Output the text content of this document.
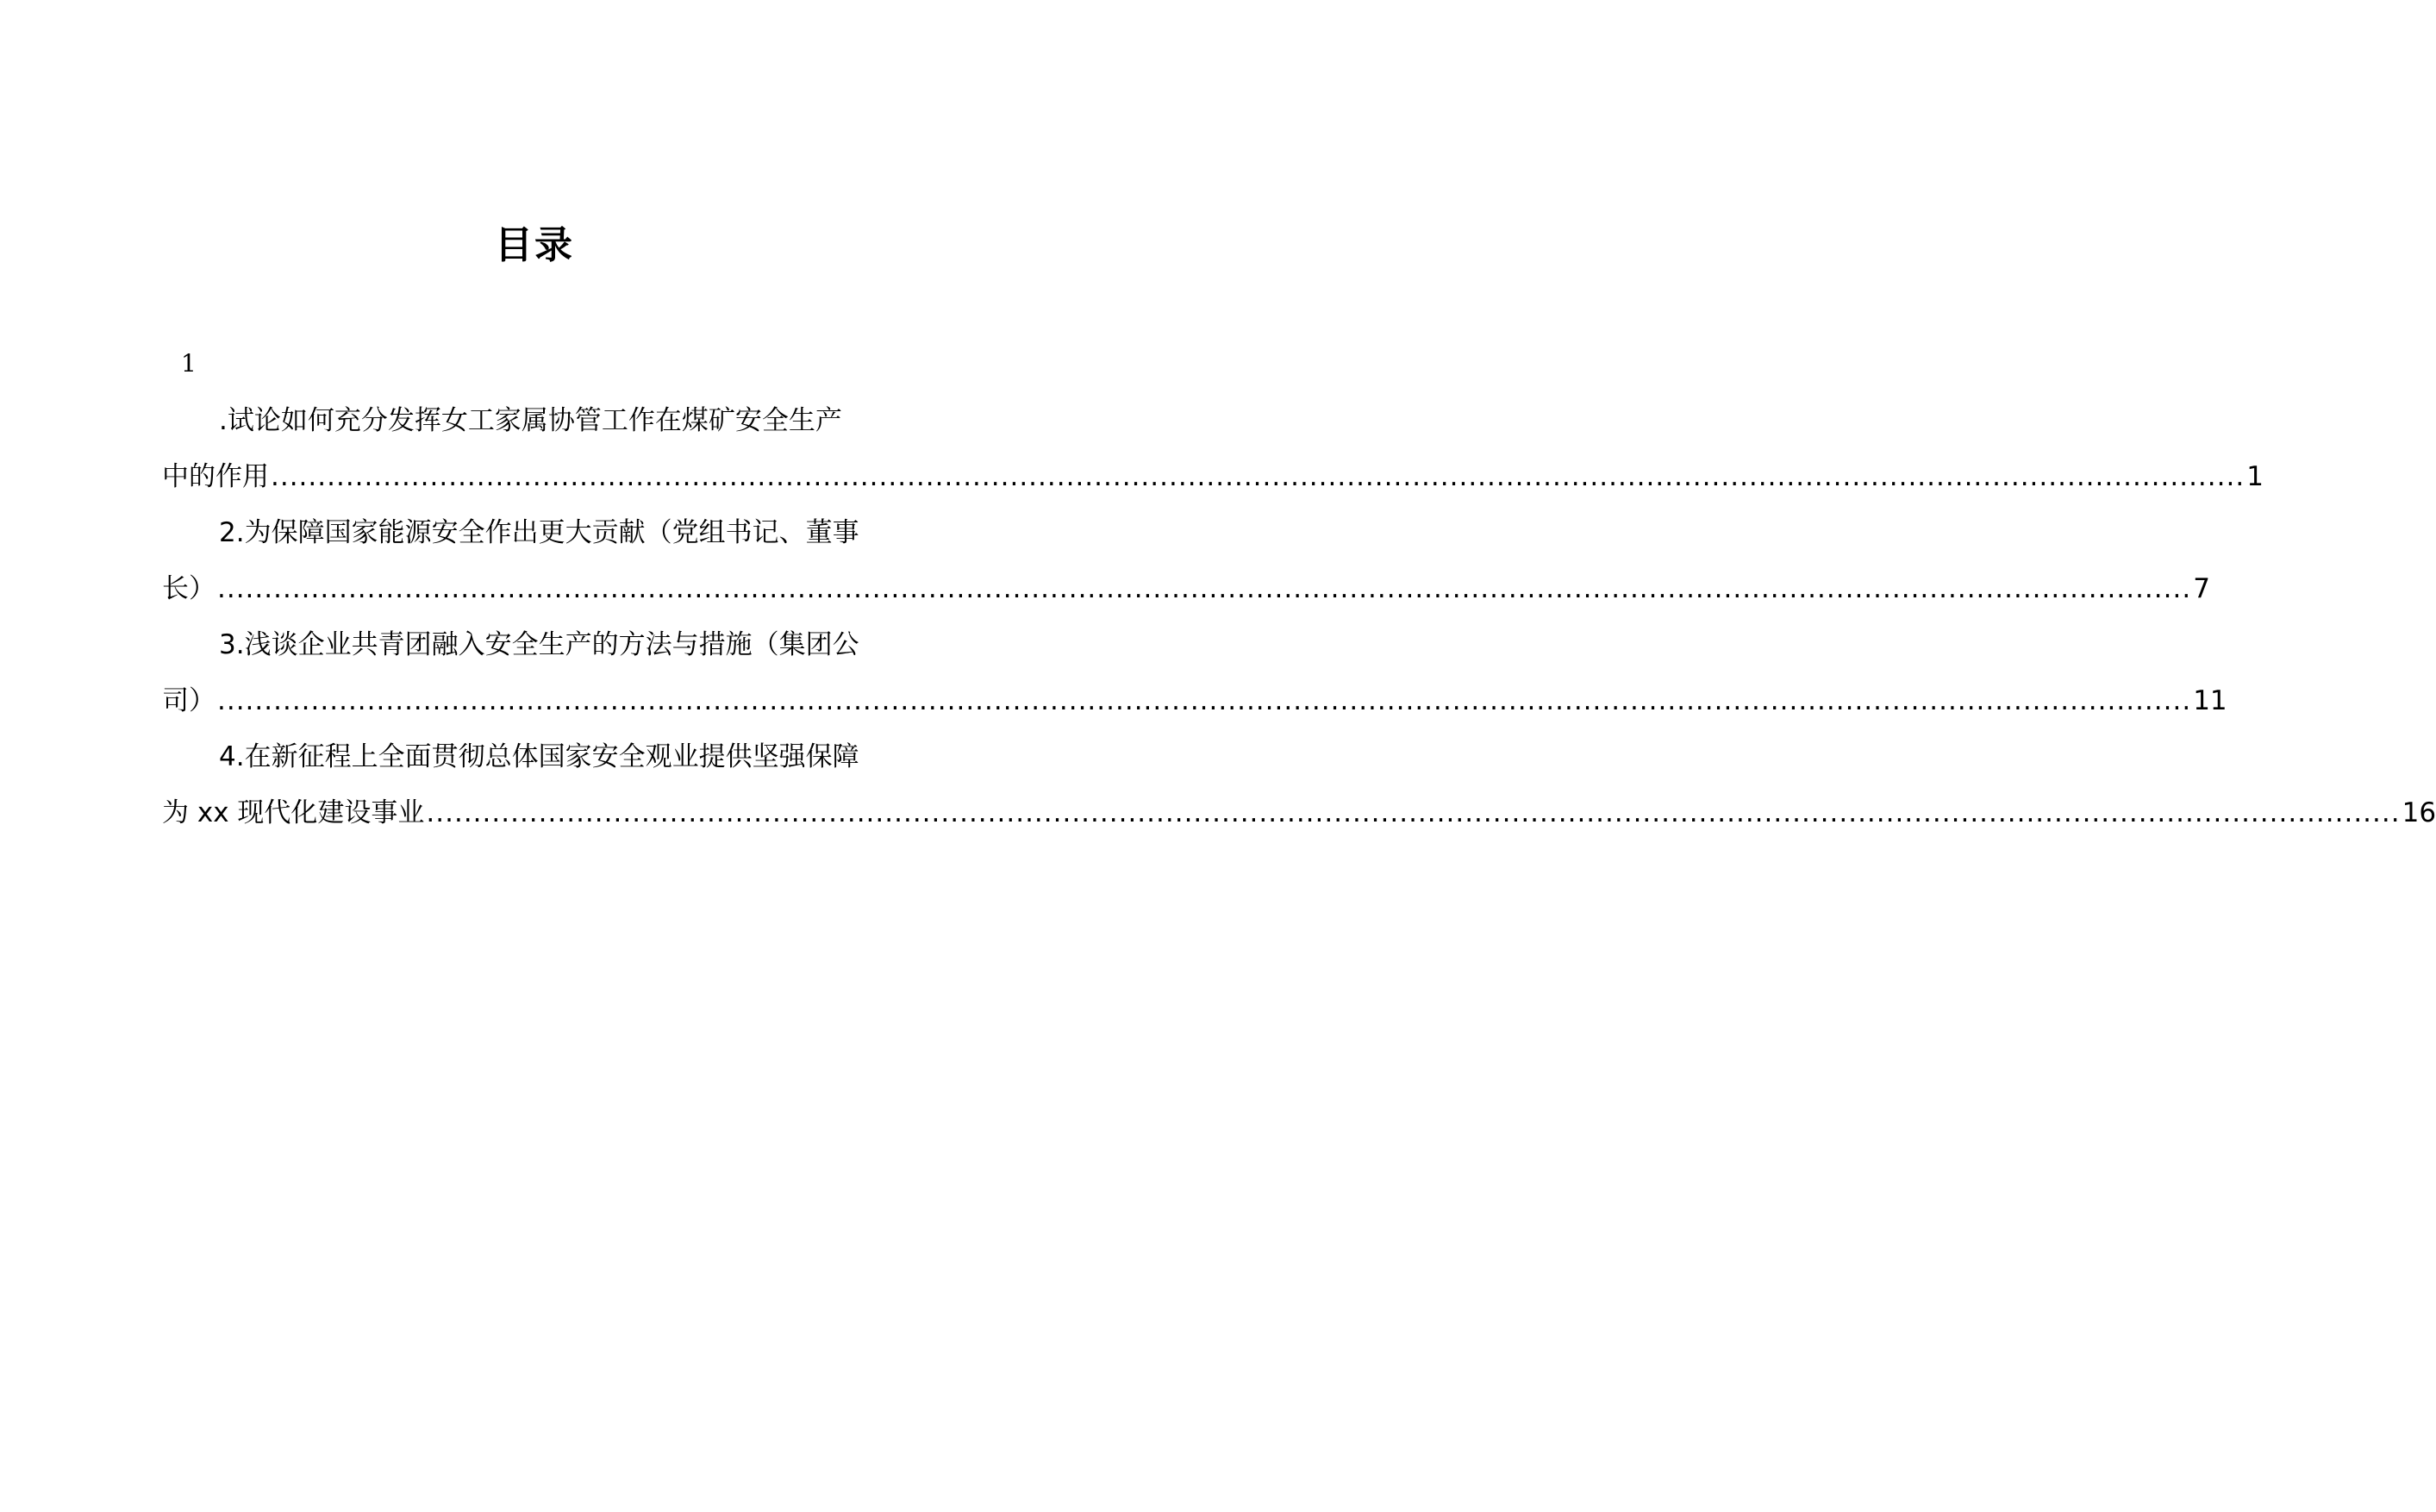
目录
1
.试论如何充分发挥女工家属协管工作在煤矿安全生产
中的作用 ................................................................................................................................................................................................................... 1
2.为保障国家能源安全作出更大贡献（党组书记、董事
长） ................................................................................................................................................................................................................... 7
3.浅谈企业共青团融入安全生产的方法与措施（集团公
司） ................................................................................................................................................................................................................... 11
4.在新征程上全面贯彻总体国家安全观业提供坚强保障
为 xx 现代化建设事业 ................................................................................................................................................................................................................... 16
